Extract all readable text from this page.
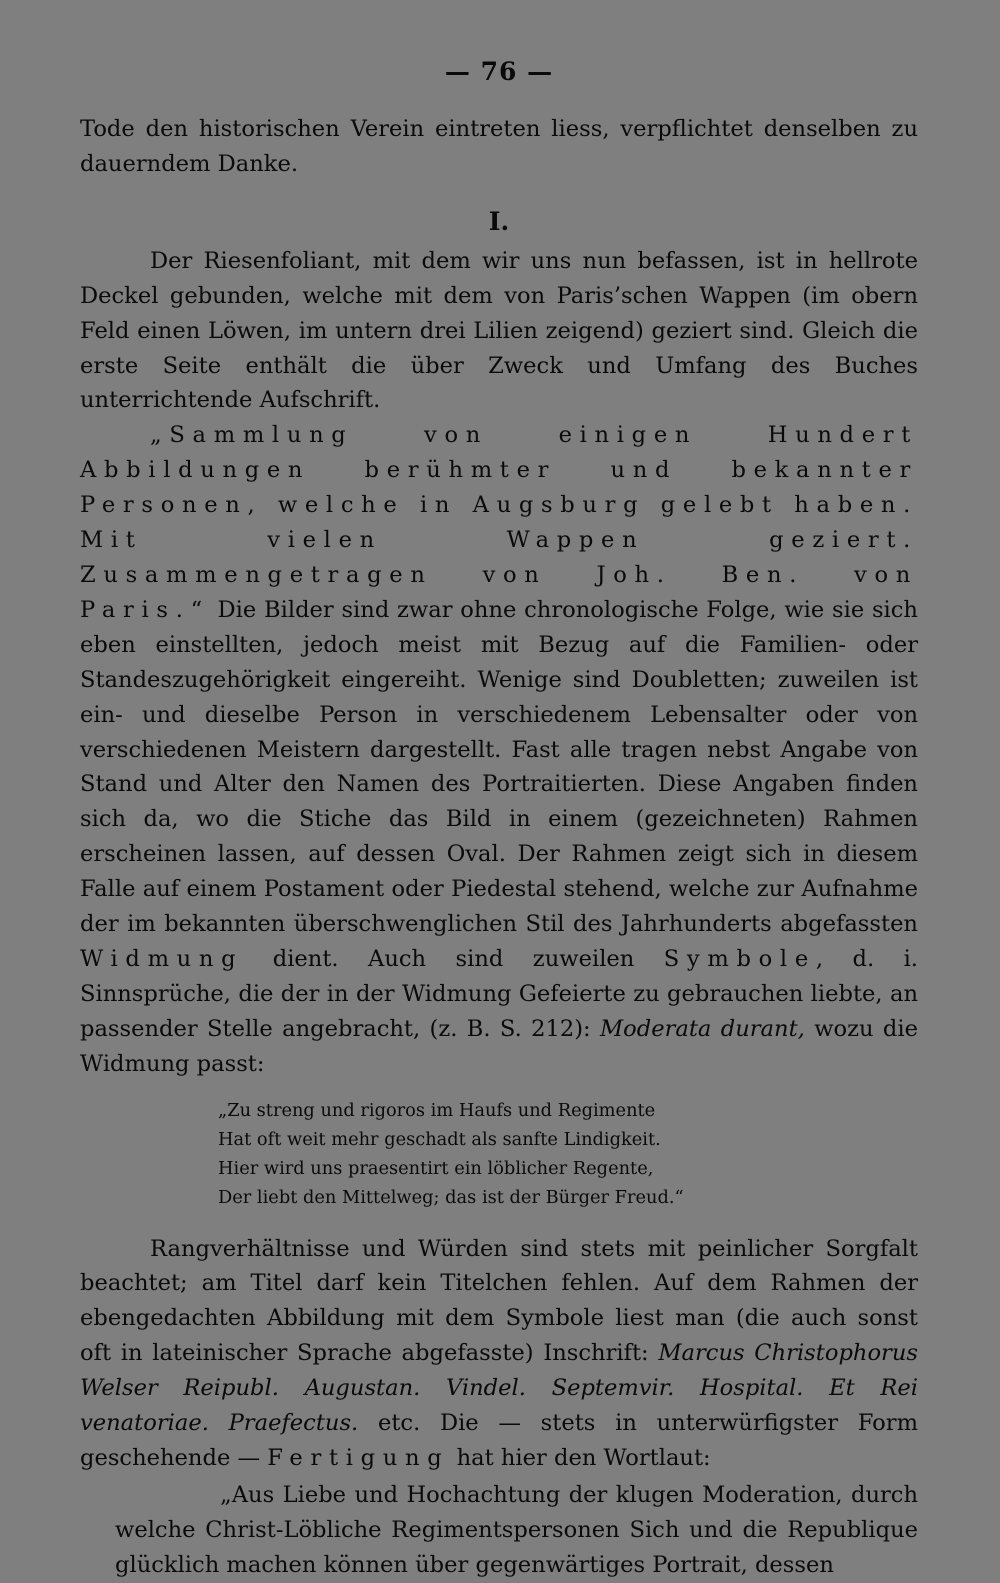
— 76 —

Tode den historischen Verein eintreten liess, verpflichtet denselben zu dauerndem Danke.

I.

Der Riesenfoliant, mit dem wir uns nun befassen, ist in hellrote Deckel gebunden, welche mit dem von Paris’schen Wappen (im obern Feld einen Löwen, im untern drei Lilien zeigend) geziert sind. Gleich die erste Seite enthält die über Zweck und Umfang des Buches unterrichtende Aufschrift.

„Sammlung von einigen Hundert Abbildungen berühmter und bekannter Personen, welche in Augsburg gelebt haben. Mit vielen Wappen geziert. Zusammengetragen von Joh. Ben. von Paris.“ Die Bilder sind zwar ohne chronologische Folge, wie sie sich eben einstellten, jedoch meist mit Bezug auf die Familien- oder Standeszugehörigkeit eingereiht. Wenige sind Doubletten; zuweilen ist ein- und dieselbe Person in verschiedenem Lebensalter oder von verschiedenen Meistern dargestellt. Fast alle tragen nebst Angabe von Stand und Alter den Namen des Portraitierten. Diese Angaben finden sich da, wo die Stiche das Bild in einem (gezeichneten) Rahmen erscheinen lassen, auf dessen Oval. Der Rahmen zeigt sich in diesem Falle auf einem Postament oder Piedestal stehend, welche zur Aufnahme der im bekannten überschwenglichen Stil des Jahrhunderts abgefassten Widmung dient. Auch sind zuweilen Symbole, d. i. Sinnsprüche, die der in der Widmung Gefeierte zu gebrauchen liebte, an passender Stelle angebracht, (z. B. S. 212): Moderata durant, wozu die Widmung passt:

„Zu streng und rigoros im Haufs und Regimente
Hat oft weit mehr geschadt als sanfte Lindigkeit.
Hier wird uns praesentirt ein löblicher Regente,
Der liebt den Mittelweg; das ist der Bürger Freud.“

Rangverhältnisse und Würden sind stets mit peinlicher Sorgfalt beachtet; am Titel darf kein Titelchen fehlen. Auf dem Rahmen der ebengedachten Abbildung mit dem Symbole liest man (die auch sonst oft in lateinischer Sprache abgefasste) Inschrift: Marcus Christophorus Welser Reipubl. Augustan. Vindel. Septemvir. Hospital. Et Rei venatoriae. Praefectus. etc. Die — stets in unterwürfigster Form geschehende — Fertigung hat hier den Wortlaut:

„Aus Liebe und Hochachtung der klugen Moderation, durch welche Christ-Löbliche Regimentspersonen Sich und die Republique glücklich machen können über gegenwärtiges Portrait, dessen
